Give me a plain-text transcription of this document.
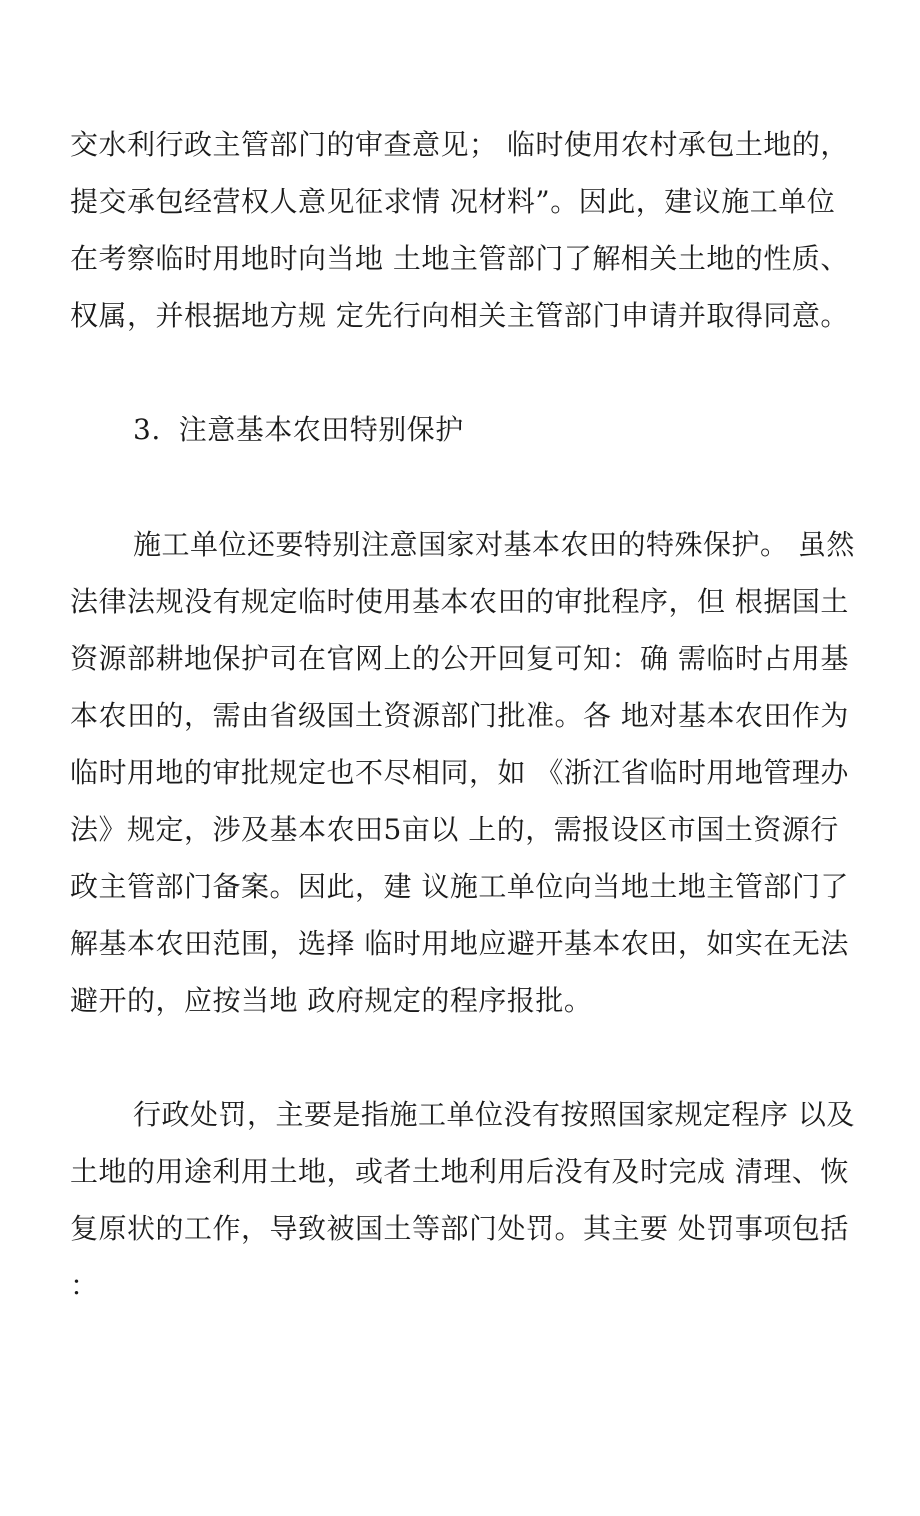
交水利行政主管部门的审查意见； 临时使用农村承包土地的，
提交承包经营权人意见征求情 况材料”。因此，建议施工单位
在考察临时用地时向当地 土地主管部门了解相关土地的性质、
权属，并根据地方规 定先行向相关主管部门申请并取得同意。
3. 注意基本农田特别保护
施工单位还要特别注意国家对基本农田的特殊保护。 虽然
法律法规没有规定临时使用基本农田的审批程序，但 根据国土
资源部耕地保护司在官网上的公开回复可知：确 需临时占用基
本农田的，需由省级国土资源部门批准。各 地对基本农田作为
临时用地的审批规定也不尽相同，如 《浙江省临时用地管理办
法》规定，涉及基本农田5亩以 上的，需报设区市国土资源行
政主管部门备案。因此，建 议施工单位向当地土地主管部门了
解基本农田范围，选择 临时用地应避开基本农田，如实在无法
避开的，应按当地 政府规定的程序报批。
行政处罚，主要是指施工单位没有按照国家规定程序 以及
土地的用途利用土地，或者土地利用后没有及时完成 清理、恢
复原状的工作，导致被国土等部门处罚。其主要 处罚事项包括
：
